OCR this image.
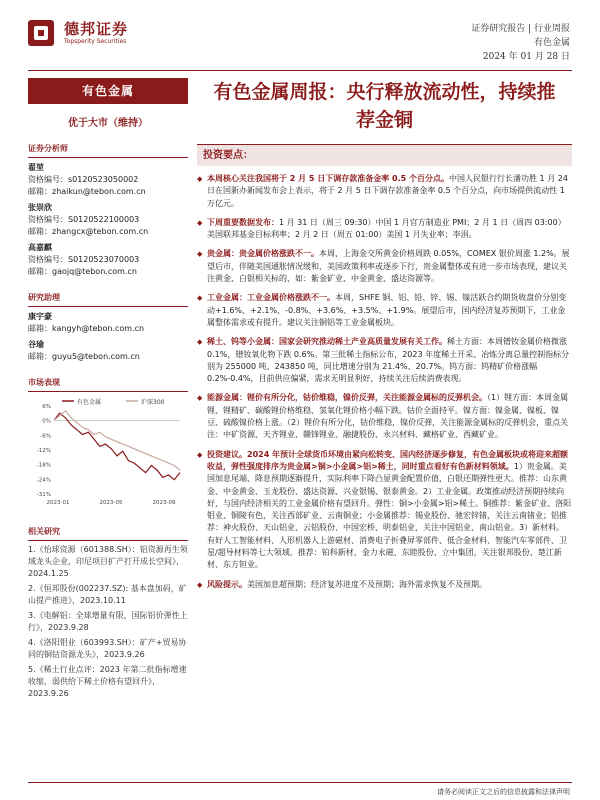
德邦证券
Topsperity Securities
证券研究报告 | 行业周报
有色金属
2024 年 01 月 28 日
有色金属
优于大市（维持）
证券分析师
翟堃
资格编号：s0120523050002
邮箱：zhaikun@tebon.com.cn
张崇欣
资格编号：S0120522100003
邮箱：zhangcx@tebon.com.cn
高嘉麒
资格编号：S0120523070003
邮箱：gaojq@tebon.com.cn
研究助理
康宇豪
邮箱：kangyh@tebon.com.cn
谷瑜
邮箱：guyu5@tebon.com.cn
市场表现
有色金属	沪深300
6%
0%
-6%
-12%
-18%
-24%
-31%
2023-01	2023-05	2023-09
相关研究
1.《怡球资源（601388.SH）：铝资源再生领域龙头企业，印尼项目扩产打开成长空间》，2024.1.25
2.《恒邦股份(002237.SZ): 基本盘加码，矿山提产推进》，2023.10.11
3.《电解铝：全球增量有限，国际铝价弹性上行》，2023.9.28
4.《洛阳钼业（603993.SH）：矿产+贸易协同的铜钴资源龙头》，2023.9.26
5.《稀土行业点评：2023 年第二批指标增速收缩，弱供给下稀土价格有望回升》，2023.9.26
有色金属周报：央行释放流动性，持续推荐金铜
投资要点：
◆ 本周核心关注我国将于 2 月 5 日下调存款准备金率 0.5 个百分点。中国人民银行行长潘功胜 1 月 24 日在国新办新闻发布会上表示，将于 2 月 5 日下调存款准备金率 0.5 个百分点，向市场提供流动性 1 万亿元。
◆ 下周重要数据发布：1 月 31 日（周三 09:30）中国 1 月官方制造业 PMI；2 月 1 日（周四 03:00）美国联邦基金目标利率；2 月 2 日（周五 01:00）美国 1 月失业率；李涓。
◆ 贵金属：贵金属价格涨跌不一。本周，上海金交所黄金价格周跌 0.05%，COMEX 银价周涨 1.2%。展望后市，伴随美国通胀情况缓和，美国政策利率或逐步下行，贵金属整体或有进一步市场表现，建议关注黄金、白银相关标的，如：紫金矿业、中金黄金、盛达资源等。
◆ 工业金属：工业金属价格涨跌不一。本周，SHFE 铜、铝、铅、锌、锡、镍活跃合约期货收盘价分别变动+1.6%、+2.1%、-0.8%、+3.6%、+3.5%、+1.9%。展望后市，国内经济复苏预期下，工业金属整体需求或有提升。建议关注铜铝等工业金属板块。
◆ 稀土、钨等小金属：国家会研究推动稀土产业高质量发展有关工作。稀土方面：本周镨钕金属价格微涨 0.1%，镨钕氧化物下跌 0.6%。第三批稀土指标公布，2023 年度稀土开采、冶炼分离总量控制指标分别为 255000 吨、243850 吨，同比增速分别为 21.4%、20.7%。钨方面：钨精矿价格涨幅 0.2%-0.4%，目前供应偏紧，需求无明显利好，持续关注后续消费表现。
◆ 能源金属：锂价有所分化，钴价维稳，镍价反弹，关注能源金属标的反弹机会。（1）锂方面：本周金属锂、锂精矿、碳酸锂价格维稳，氢氧化锂价格小幅下跌。钴价全面持平。镍方面：镍金属、镍板、镍豆、硫酸镍价格上涨。（2）锂价有所分化，钴价维稳，镍价反弹，关注能源金属标的反弹机会，重点关注：中矿资源、天齐锂业、赣锋锂业、融捷股份、永兴材料、藏格矿业、西藏矿业。
◆ 投资建议。2024 年预计全球货币环境由紧向松转变、国内经济逐步修复，有色金属板块或将迎来超额收益，弹性强度排序为贵金属>铜>小金属>铝>稀土，同时重点看好有色新材料领域。1）贵金属。美国加息尾端、降息预期逐渐提升，实际利率下降凸显黄金配置价值，白银还期弹性更大。推荐：山东黄金、中金黄金、玉龙股份、盛达资源、兴业银锡、银泰黄金。2）工业金属。政策推动经济预期持续向好，与国内经济相关的工业金属价格有望回升。弹性：铜>小金属>铝>稀土。铜推荐：紫金矿业、洛阳钼业、铜陵有色，关注西部矿业、云南铜业；小金属推荐：锡业股份、驰宏锌锗，关注云南锗业；铝推荐：神火股份、天山铝业、云铝股份、中国宏桥、明泰铝业，关注中国铝业、南山铝业。3）新材料。有好人工智能材料、人形机器人上游磁材、消费电子折叠屏零部件、低合金材料、智能汽车零部件、卫星/超导材料等七大领域。推荐：铂科新材、金力永磁、东睦股份、立中集团，关注银邦股份、楚江新材、东方钽业。
◆ 风险提示。美国加息超预期；经济复苏进度不及预期；海外需求恢复不及预期。
请务必阅读正文之后的信息披露和法律声明
